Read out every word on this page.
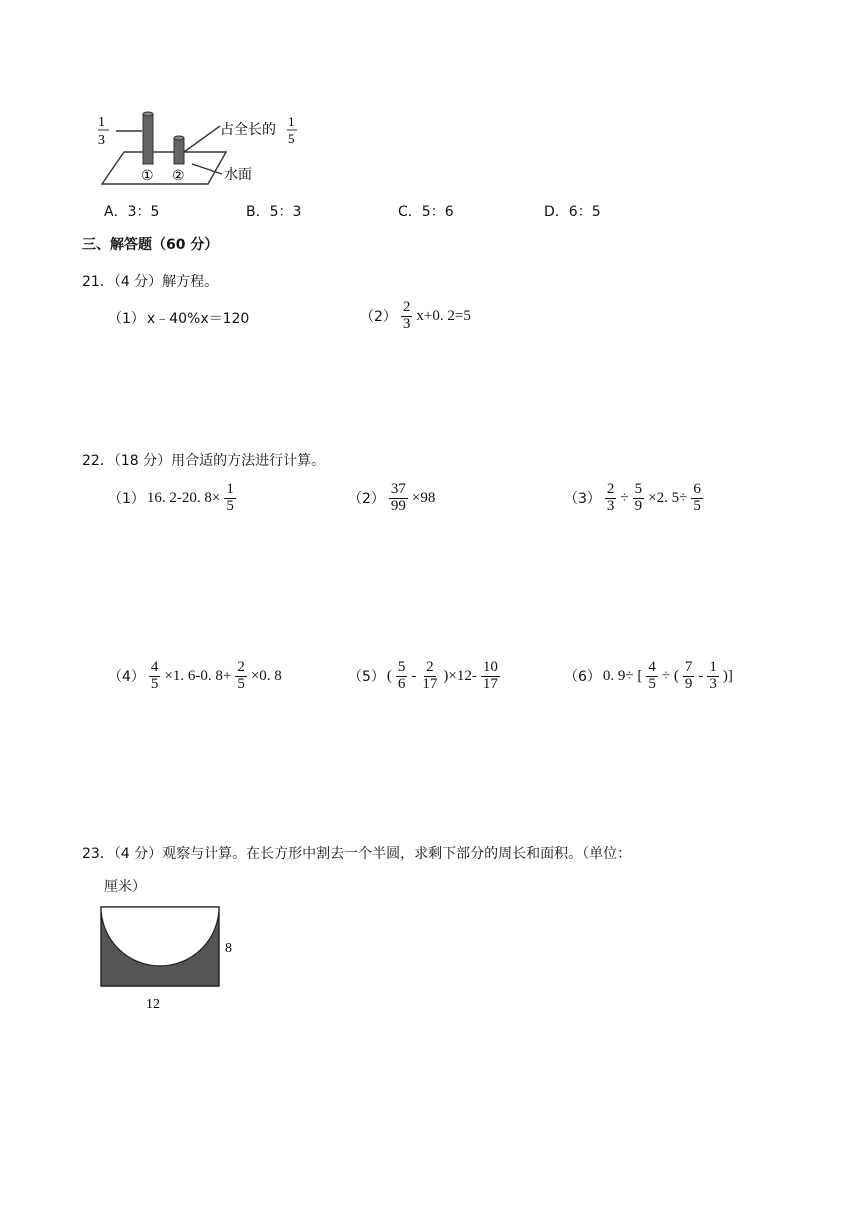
1
3
① ②
占全长的
1
5
水面
A．3：5	B．5：3	C．5：6	D．6：5
三、解答题（60 分）
21．（4 分）解方程。
（1） x﹣40%x＝120	$(2) \frac{2}{3} x+0$. 2=5
22．（18 分）用合适的方法进行计算。
（1） 16. 2-20. $8\times \frac{1}{5}$	$(2) \frac{37}{99} \times 98$	$(3) \frac{2}{3} \div \frac{5}{9} \times 2$. $5\div \frac{6}{5}$
$(4) \frac{4}{5} \times 1$. 6-0. $8+ \frac{2}{5} \times 0$. 8	（5） ( $\frac{5}{6} - \frac{2}{17} )\times 12- \frac{10}{17}$	（6） 0. 9÷ [ $\frac{4}{5}$ ÷ ( $\frac{7}{9} - \frac{1}{3}$ )]
23．（4 分）观察与计算。在长方形中割去一个半圆，求剩下部分的周长和面积。（单位：
厘米）
8
12
